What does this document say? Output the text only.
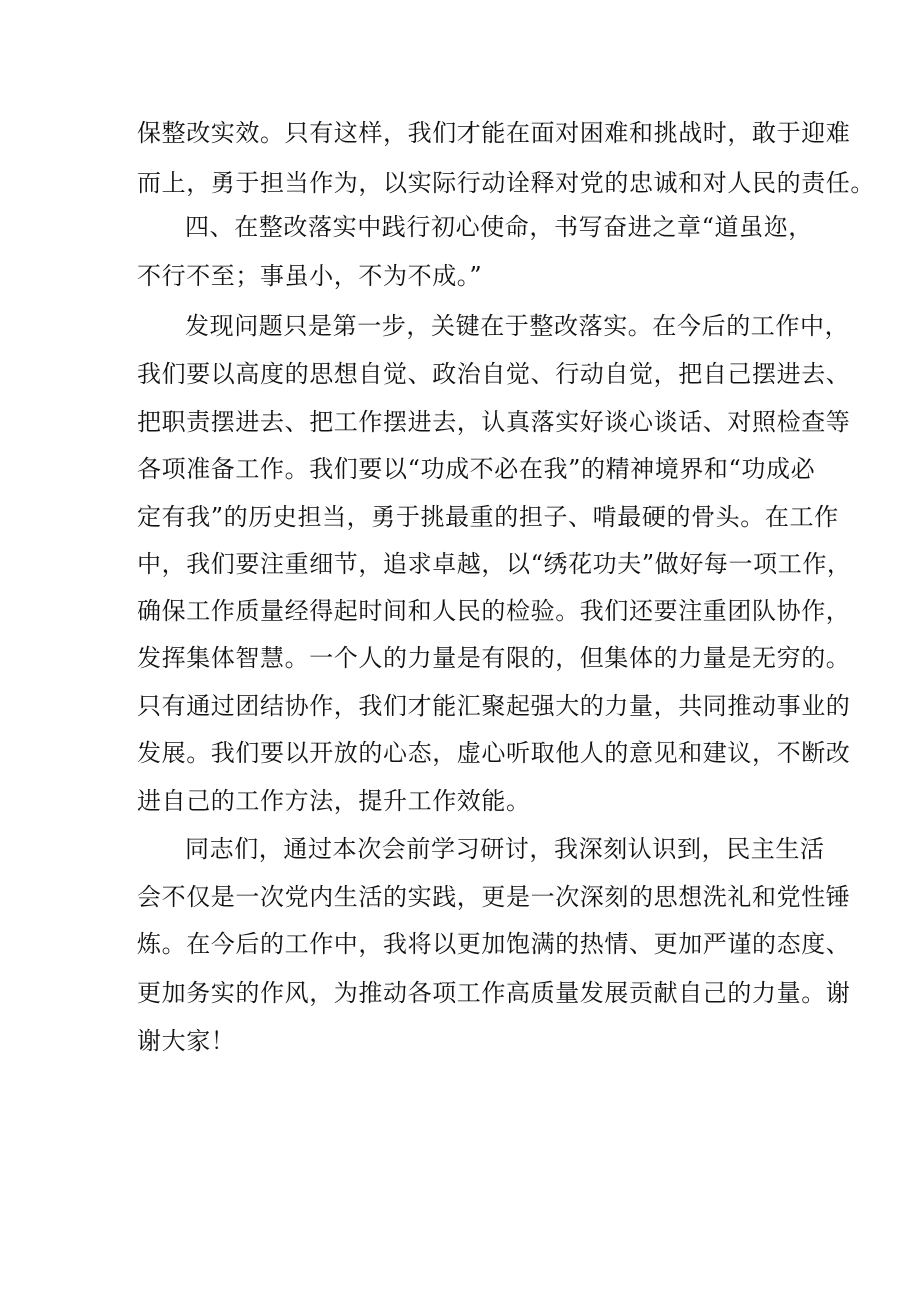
保整改实效。只有这样，我们才能在面对困难和挑战时，敢于迎难
而上，勇于担当作为，以实际行动诠释对党的忠诚和对人民的责任。
四、在整改落实中践行初心使命，书写奋进之章“道虽迩，
不行不至；事虽小，不为不成。”
发现问题只是第一步，关键在于整改落实。在今后的工作中，
我们要以高度的思想自觉、政治自觉、行动自觉，把自己摆进去、
把职责摆进去、把工作摆进去，认真落实好谈心谈话、对照检查等
各项准备工作。我们要以“功成不必在我”的精神境界和“功成必
定有我”的历史担当，勇于挑最重的担子、啃最硬的骨头。在工作
中，我们要注重细节，追求卓越，以“绣花功夫”做好每一项工作，
确保工作质量经得起时间和人民的检验。我们还要注重团队协作，
发挥集体智慧。一个人的力量是有限的，但集体的力量是无穷的。
只有通过团结协作，我们才能汇聚起强大的力量，共同推动事业的
发展。我们要以开放的心态，虚心听取他人的意见和建议，不断改
进自己的工作方法，提升工作效能。
同志们，通过本次会前学习研讨，我深刻认识到，民主生活
会不仅是一次党内生活的实践，更是一次深刻的思想洗礼和党性锤
炼。在今后的工作中，我将以更加饱满的热情、更加严谨的态度、
更加务实的作风，为推动各项工作高质量发展贡献自己的力量。谢
谢大家！
